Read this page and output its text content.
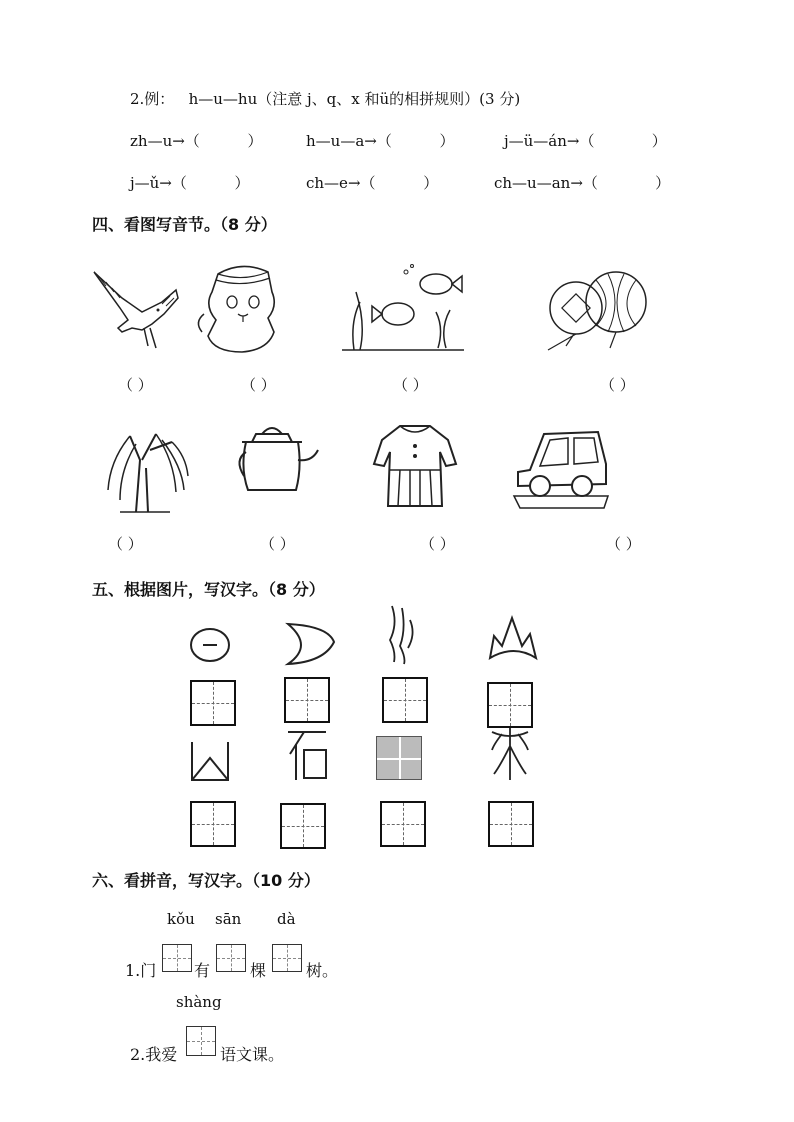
2.例：   h—u—hu（注意 j、q、x 和ü的相拼规则）(3 分)
zh—u→（          ）	h—u—a→（          ）	j—ü—án→（            ）
j—ǔ→（          ）	ch—e→（          ）	ch—u—an→（            ）
四、看图写音节。（8 分）
（ ）	（ ）	（ ）	（ ）
（ ）	（ ）	（ ）	（ ）
五、根据图片，写汉字。（8 分）
六、看拼音，写汉字。（10 分）
kǒu sān dà
1.门 有 棵 树。
shàng
2.我爱	语文课。
